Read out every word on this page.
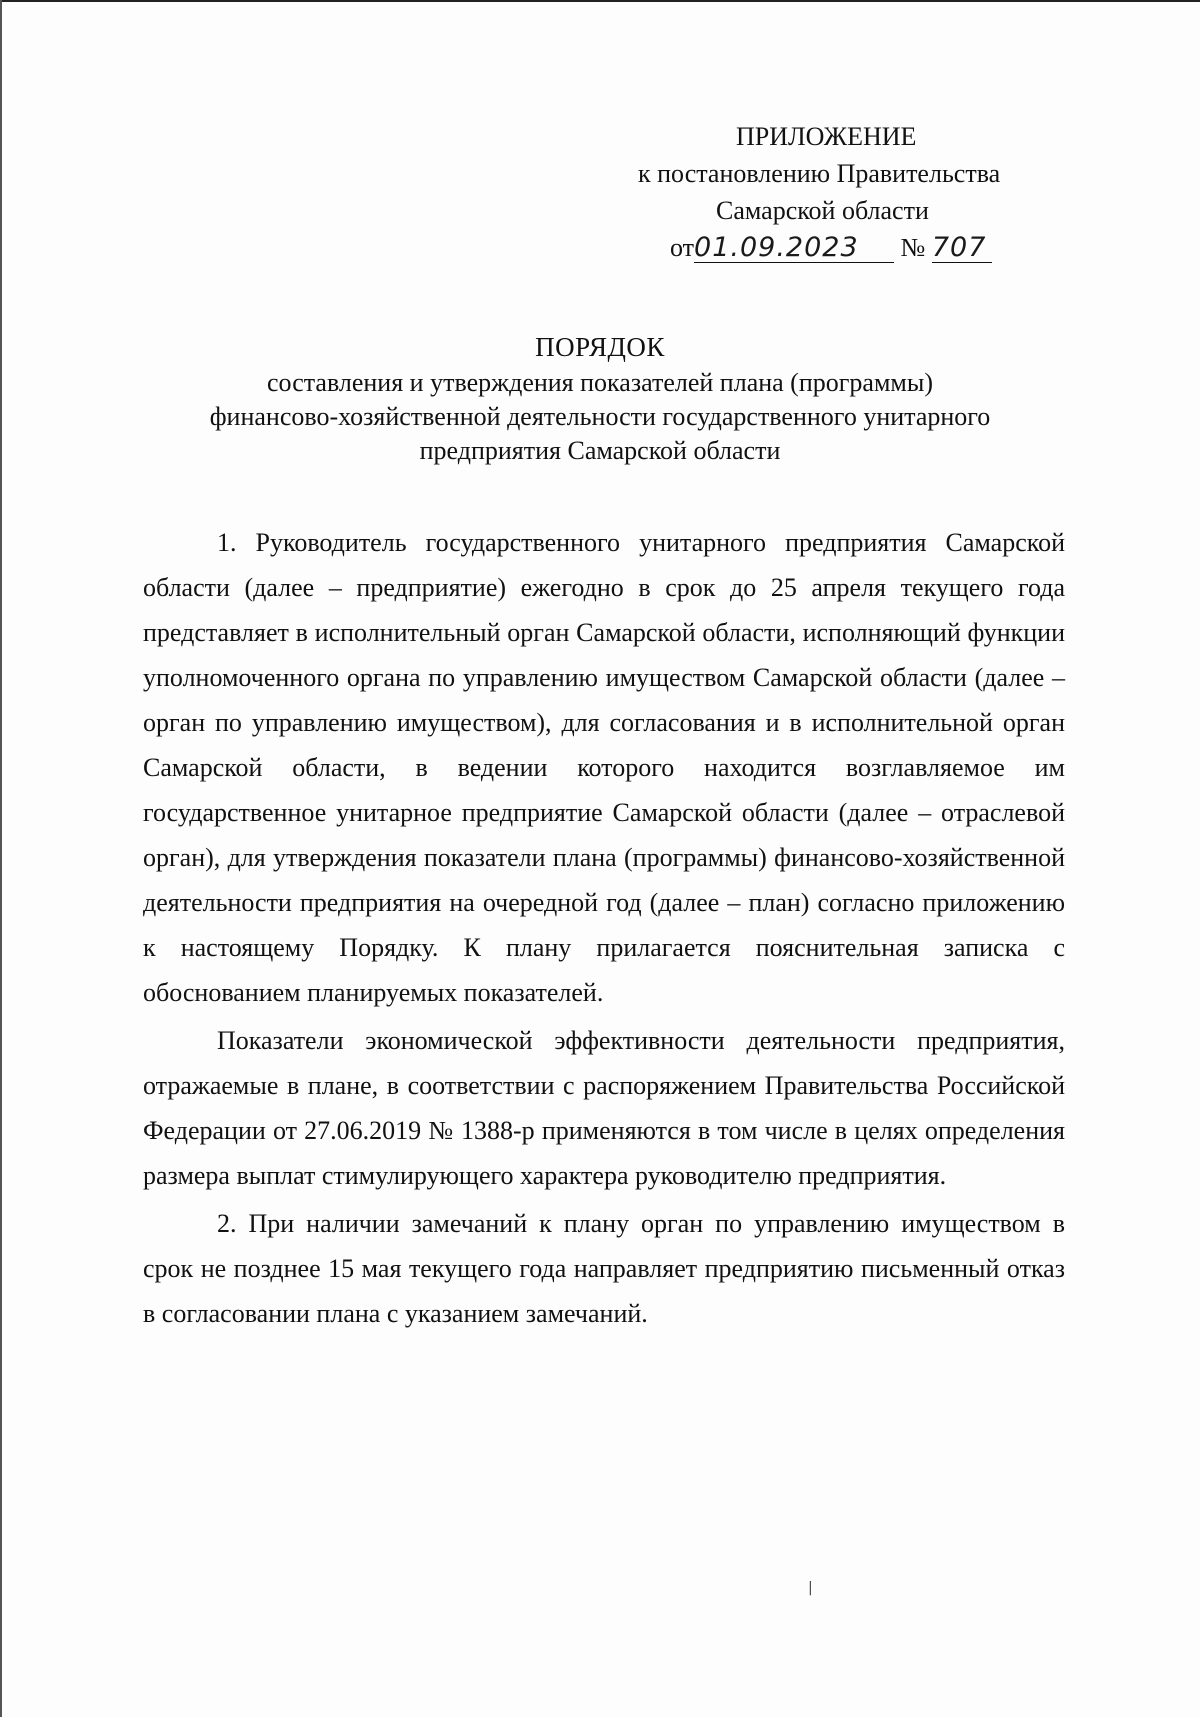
ПРИЛОЖЕНИЕ
к постановлению Правительства
Самарской области
от01.09.2023 № 707
ПОРЯДОК
составления и утверждения показателей плана (программы)
финансово-хозяйственной деятельности государственного унитарного
предприятия Самарской области

1. Руководитель государственного унитарного предприятия Самарской области (далее – предприятие) ежегодно в срок до 25 апреля текущего года представляет в исполнительный орган Самарской области, исполняющий функции уполномоченного органа по управлению имуществом Самарской области (далее – орган по управлению имуществом), для согласования и в исполнительной орган Самарской области, в ведении которого находится возглавляемое им государственное унитарное предприятие Самарской области (далее – отраслевой орган), для утверждения показатели плана (программы) финансово-хозяйственной деятельности предприятия на очередной год (далее – план) согласно приложению к настоящему Порядку. К плану прилагается пояснительная записка с обоснованием планируемых показателей.

Показатели экономической эффективности деятельности предприятия, отражаемые в плане, в соответствии с распоряжением Правительства Российской Федерации от 27.06.2019 № 1388-р применяются в том числе в целях определения размера выплат стимулирующего характера руководителю предприятия.

2. При наличии замечаний к плану орган по управлению имуществом в срок не позднее 15 мая текущего года направляет предприятию письменный отказ в согласовании плана с указанием замечаний.

|
